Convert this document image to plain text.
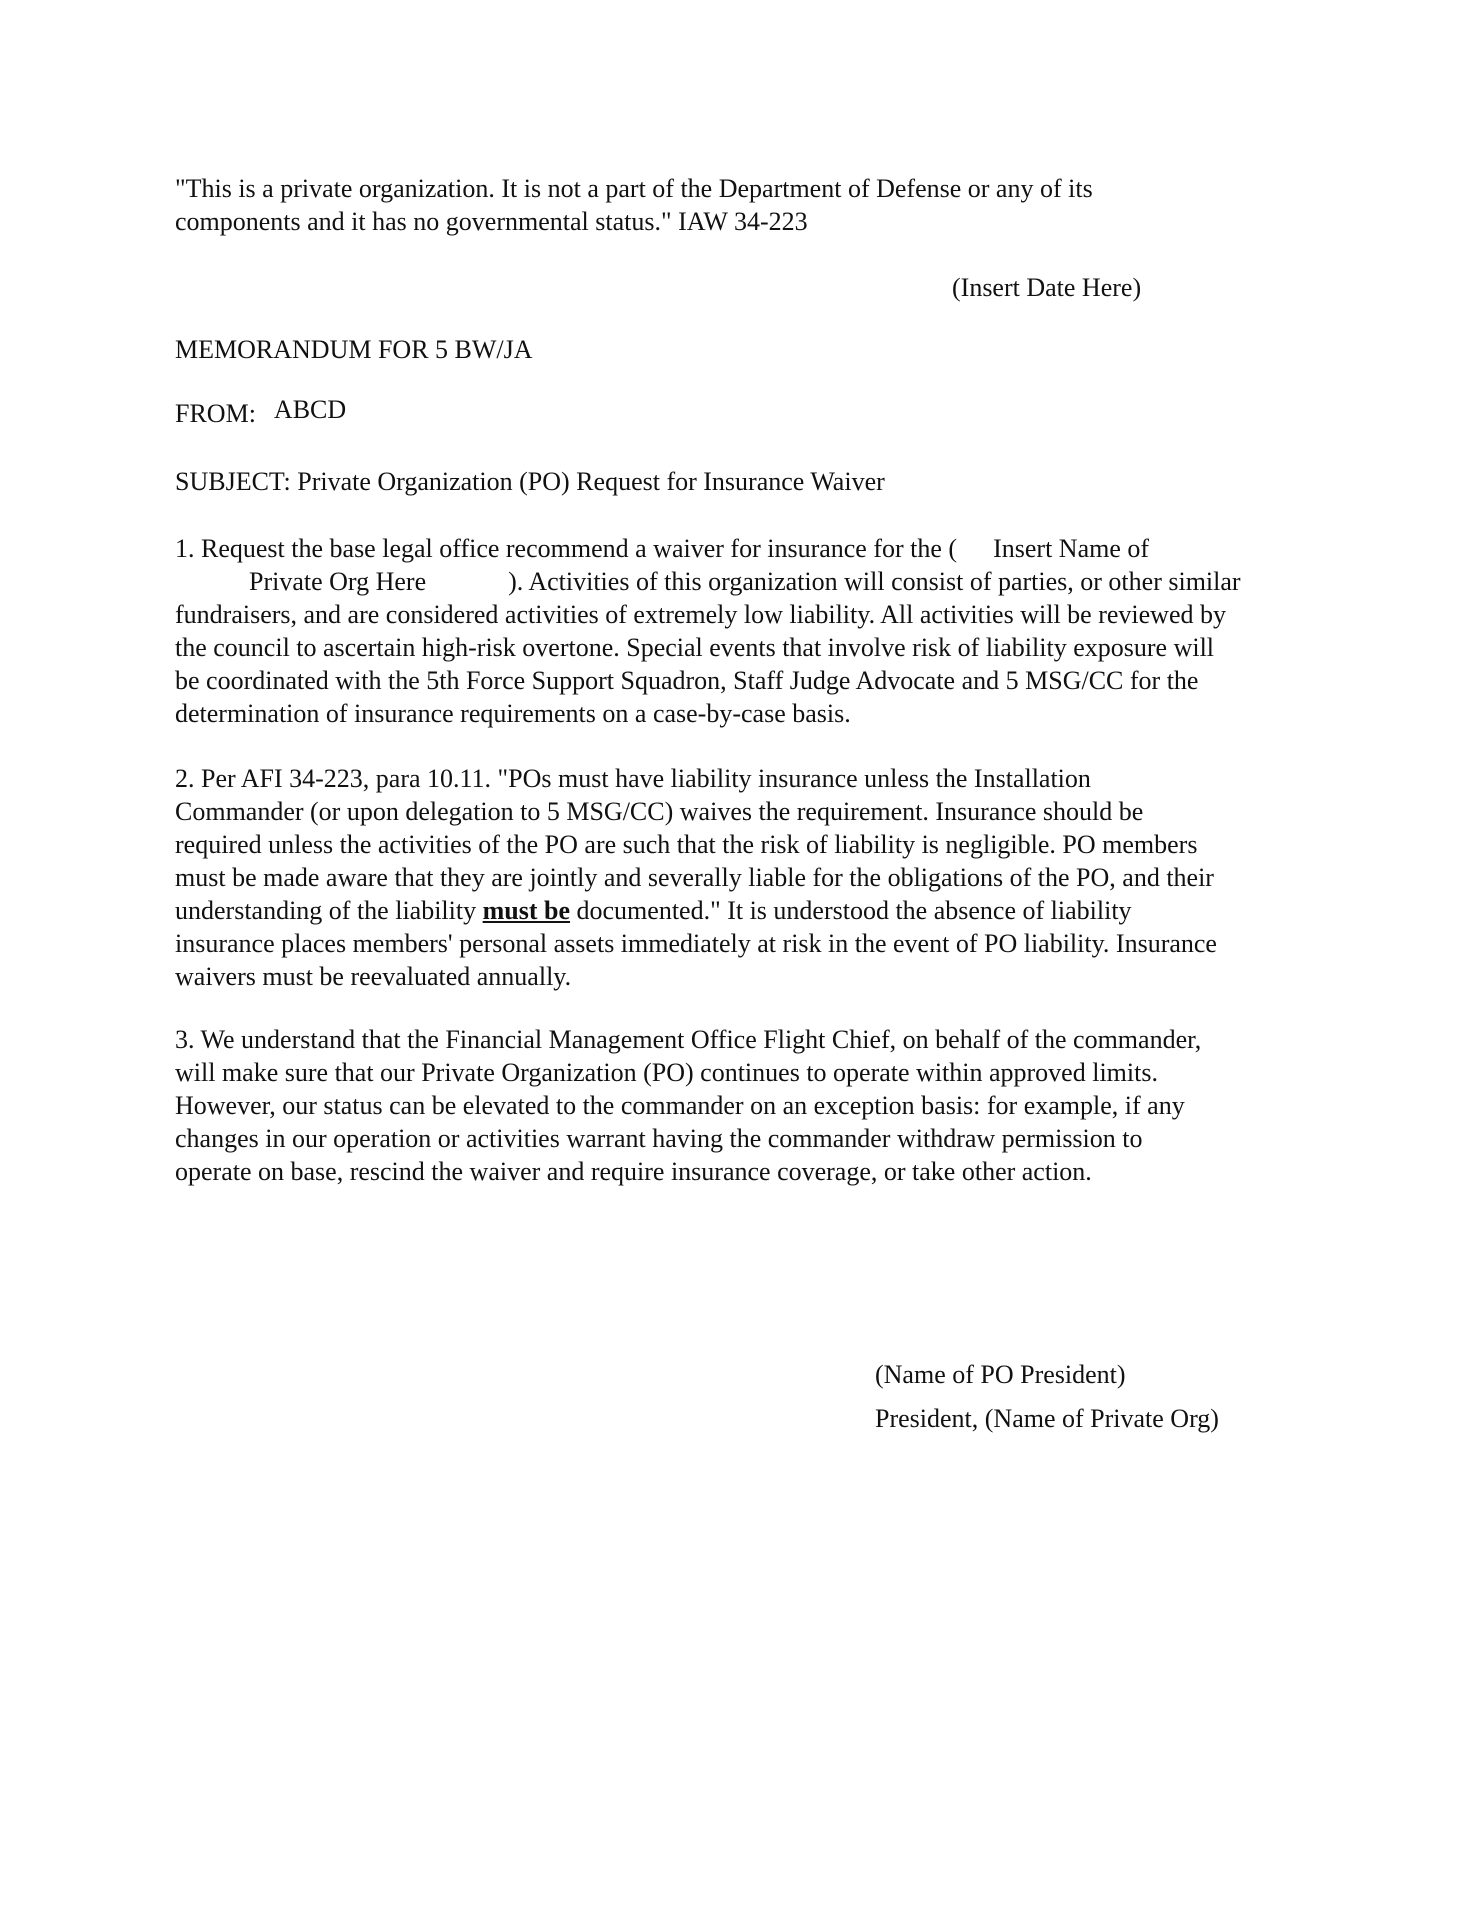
"This is a private organization. It is not a part of the Department of Defense or any of its
components and it has no governmental status." IAW 34-223
(Insert Date Here)
MEMORANDUM FOR 5 BW/JA
FROM: ABCD
SUBJECT: Private Organization (PO) Request for Insurance Waiver
1. Request the base legal office recommend a waiver for insurance for the ( Insert Name of
Private Org Here	). Activities of this organization will consist of parties, or other similar
fundraisers, and are considered activities of extremely low liability. All activities will be reviewed by
the council to ascertain high-risk overtone. Special events that involve risk of liability exposure will
be coordinated with the 5th Force Support Squadron, Staff Judge Advocate and 5 MSG/CC for the
determination of insurance requirements on a case-by-case basis.
2. Per AFI 34-223, para 10.11. "POs must have liability insurance unless the Installation
Commander (or upon delegation to 5 MSG/CC) waives the requirement. Insurance should be
required unless the activities of the PO are such that the risk of liability is negligible. PO members
must be made aware that they are jointly and severally liable for the obligations of the PO, and their
understanding of the liability must be documented." It is understood the absence of liability
insurance places members' personal assets immediately at risk in the event of PO liability. Insurance
waivers must be reevaluated annually.
3. We understand that the Financial Management Office Flight Chief, on behalf of the commander,
will make sure that our Private Organization (PO) continues to operate within approved limits.
However, our status can be elevated to the commander on an exception basis: for example, if any
changes in our operation or activities warrant having the commander withdraw permission to
operate on base, rescind the waiver and require insurance coverage, or take other action.
(Name of PO President)
President, (Name of Private Org)
